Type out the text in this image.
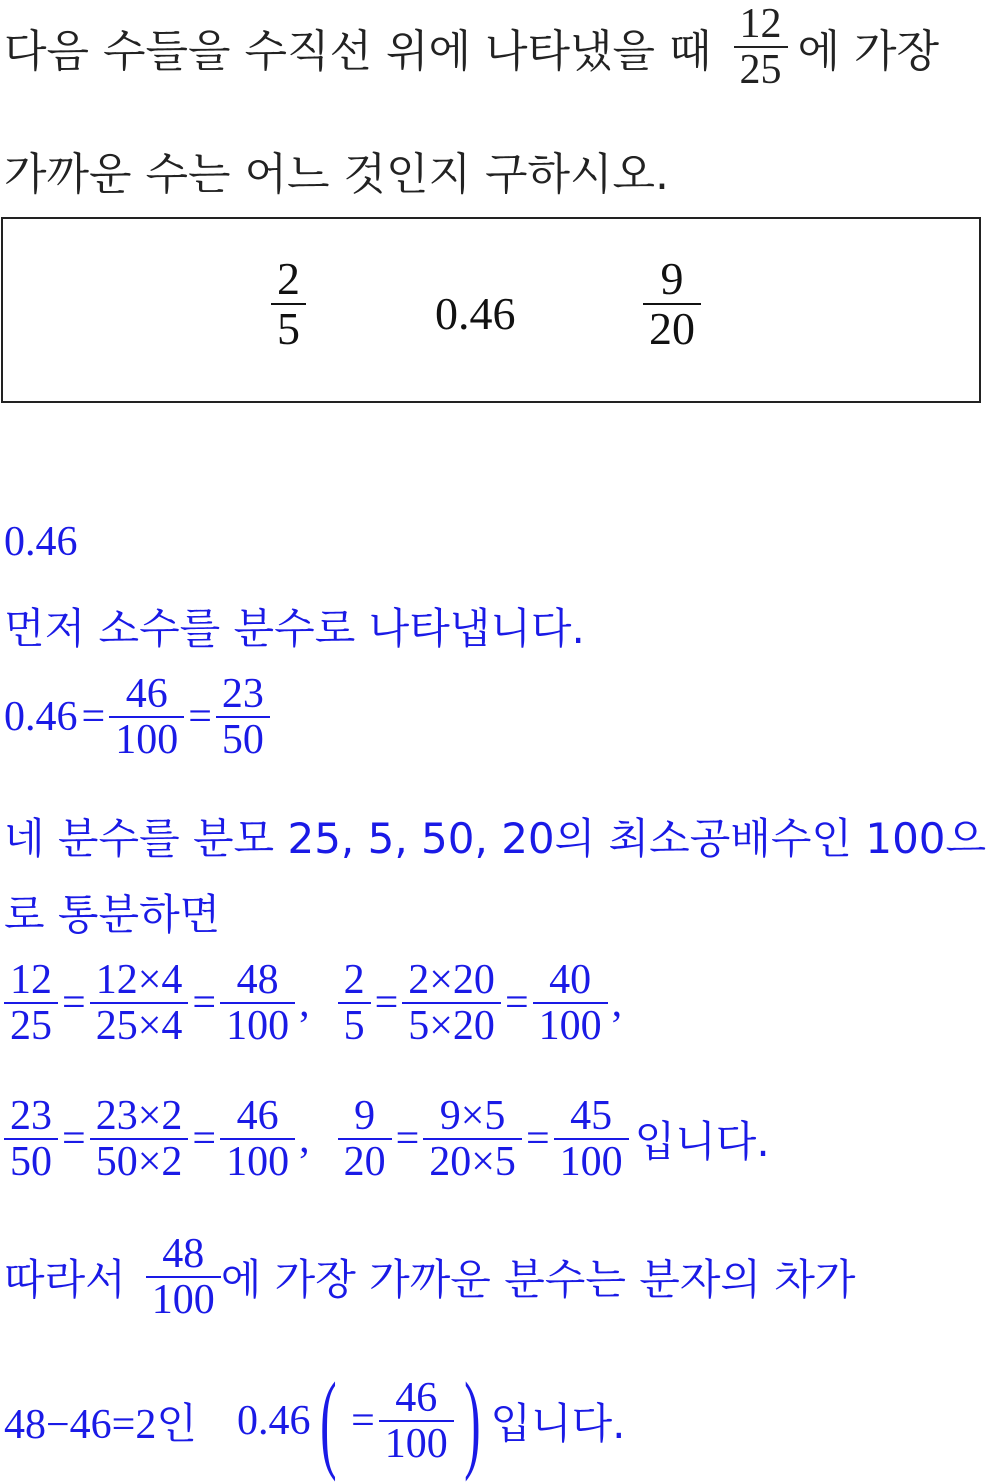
다음 수들을 수직선 위에 나타냈을 때 $\frac{12}{25}$ 에 가장
가까운 수는 어느 것인지 구하시오.
$\frac{2}{5}$	0.46	$\frac{9}{20}$
0.46
먼저 소수를 분수로 나타냅니다.
$0.46 = \frac{46}{100} = \frac{23}{50}$
네 분수를 분모 25, 5, 50, 20의 최소공배수인 100으
로 통분하면
$\frac{12}{25} = \frac{12\times 4}{25\times 4} = \frac{48}{100}$ , $\frac{2}{5} = \frac{2\times 20}{5\times 20} = \frac{40}{100}$ ,
$\frac{23}{50} = \frac{23\times 2}{50\times 2} = \frac{46}{100}$ , $\frac{9}{20} = \frac{9\times 5}{20\times 5} = \frac{45}{100}$ 입니다.
따라서 $\frac{48}{100}$ 에 가장 가까운 분수는 분자의 차가
48−46=2인 0.46 ( = $\frac{46}{100}$ ) 입니다.
